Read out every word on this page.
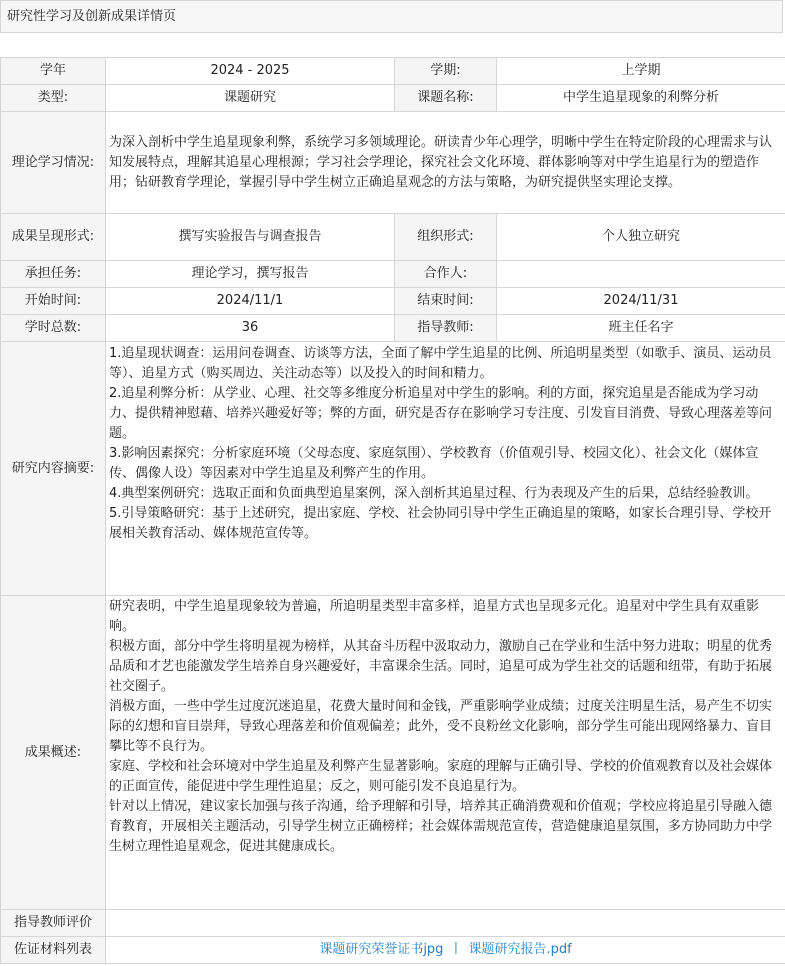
研究性学习及创新成果详情页
学年	2024 - 2025	学期:	上学期
类型:	课题研究	课题名称:	中学生追星现象的利弊分析
理论学习情况:	为深入剖析中学生追星现象利弊，系统学习多领域理论。研读青少年心理学，明晰中学生在特定阶段的心理需求与认知发展特点，理解其追星心理根源；学习社会学理论，探究社会文化环境、群体影响等对中学生追星行为的塑造作用；钻研教育学理论，掌握引导中学生树立正确追星观念的方法与策略，为研究提供坚实理论支撑。		

成果呈现形式:	撰写实验报告与调查报告	组织形式:	个人独立研究
承担任务:	理论学习，撰写报告	合作人:	
开始时间:	2024/11/1	结束时间:	2024/11/31
学时总数:	36	指导教师:	班主任名字
研究内容摘要:	1.追星现状调查：运用问卷调查、访谈等方法，全面了解中学生追星的比例、所追明星类型（如歌手、演员、运动员等）、追星方式（购买周边、关注动态等）以及投入的时间和精力。

2.追星利弊分析：从学业、心理、社交等多维度分析追星对中学生的影响。利的方面，探究追星是否能成为学习动力、提供精神慰藉、培养兴趣爱好等；弊的方面，研究是否存在影响学习专注度、引发盲目消费、导致心理落差等问题。

3.影响因素探究：分析家庭环境（父母态度、家庭氛围）、学校教育（价值观引导、校园文化）、社会文化（媒体宣传、偶像人设）等因素对中学生追星及利弊产生的作用。

4.典型案例研究：选取正面和负面典型追星案例，深入剖析其追星过程、行为表现及产生的后果，总结经验教训。

5.引导策略研究：基于上述研究，提出家庭、学校、社会协同引导中学生正确追星的策略，如家长合理引导、学校开展相关教育活动、媒体规范宣传等。		

成果概述:	研究表明，中学生追星现象较为普遍，所追明星类型丰富多样，追星方式也呈现多元化。追星对中学生具有双重影响。

积极方面，部分中学生将明星视为榜样，从其奋斗历程中汲取动力，激励自己在学业和生活中努力进取；明星的优秀品质和才艺也能激发学生培养自身兴趣爱好，丰富课余生活。同时，追星可成为学生社交的话题和纽带，有助于拓展社交圈子。

消极方面，一些中学生过度沉迷追星，花费大量时间和金钱，严重影响学业成绩；过度关注明星生活，易产生不切实际的幻想和盲目崇拜，导致心理落差和价值观偏差；此外，受不良粉丝文化影响，部分学生可能出现网络暴力、盲目攀比等不良行为。

家庭、学校和社会环境对中学生追星及利弊产生显著影响。家庭的理解与正确引导、学校的价值观教育以及社会媒体的正面宣传，能促进中学生理性追星；反之，则可能引发不良追星行为。

针对以上情况，建议家长加强与孩子沟通，给予理解和引导，培养其正确消费观和价值观；学校应将追星引导融入德育教育，开展相关主题活动，引导学生树立正确榜样；社会媒体需规范宣传，营造健康追星氛围，多方协同助力中学生树立理性追星观念，促进其健康成长。		

指导教师评价			
佐证材料列表	课题研究荣誉证书jpg 丨 课题研究报告.pdf		
